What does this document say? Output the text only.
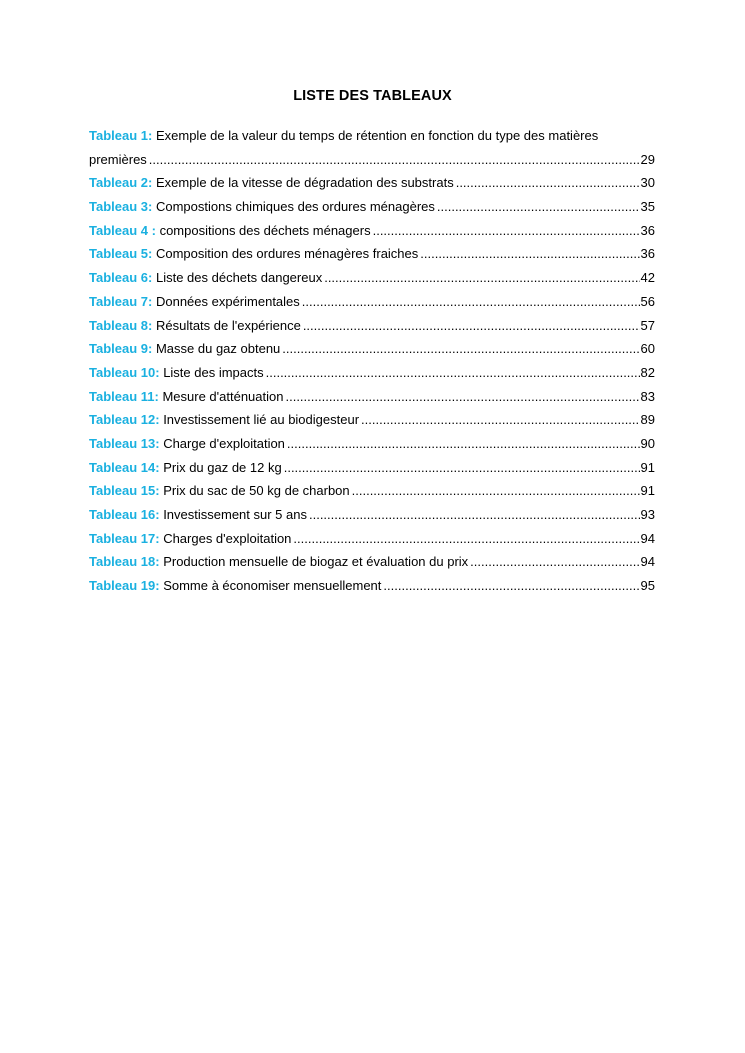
LISTE DES TABLEAUX
Tableau 1: Exemple de la valeur du temps de rétention en fonction du type des matières
premières .....	29
Tableau 2: Exemple de la vitesse de dégradation des substrats .....	30
Tableau 3: Compostions chimiques des ordures ménagères .....	35
Tableau 4 : compositions des déchets ménagers .....	36
Tableau 5: Composition des ordures ménagères fraiches .....	36
Tableau 6: Liste des déchets dangereux .....	42
Tableau 7: Données expérimentales .....	56
Tableau 8: Résultats de l'expérience .....	57
Tableau 9: Masse du gaz obtenu .....	60
Tableau 10: Liste des impacts .....	82
Tableau 11: Mesure d'atténuation .....	83
Tableau 12: Investissement lié au biodigesteur .....	89
Tableau 13: Charge d'exploitation .....	90
Tableau 14: Prix du gaz de 12 kg .....	91
Tableau 15: Prix du sac de 50 kg de charbon .....	91
Tableau 16: Investissement sur 5 ans .....	93
Tableau 17: Charges d'exploitation .....	94
Tableau 18: Production mensuelle de biogaz et évaluation du prix .....	94
Tableau 19: Somme à économiser mensuellement .....	95
